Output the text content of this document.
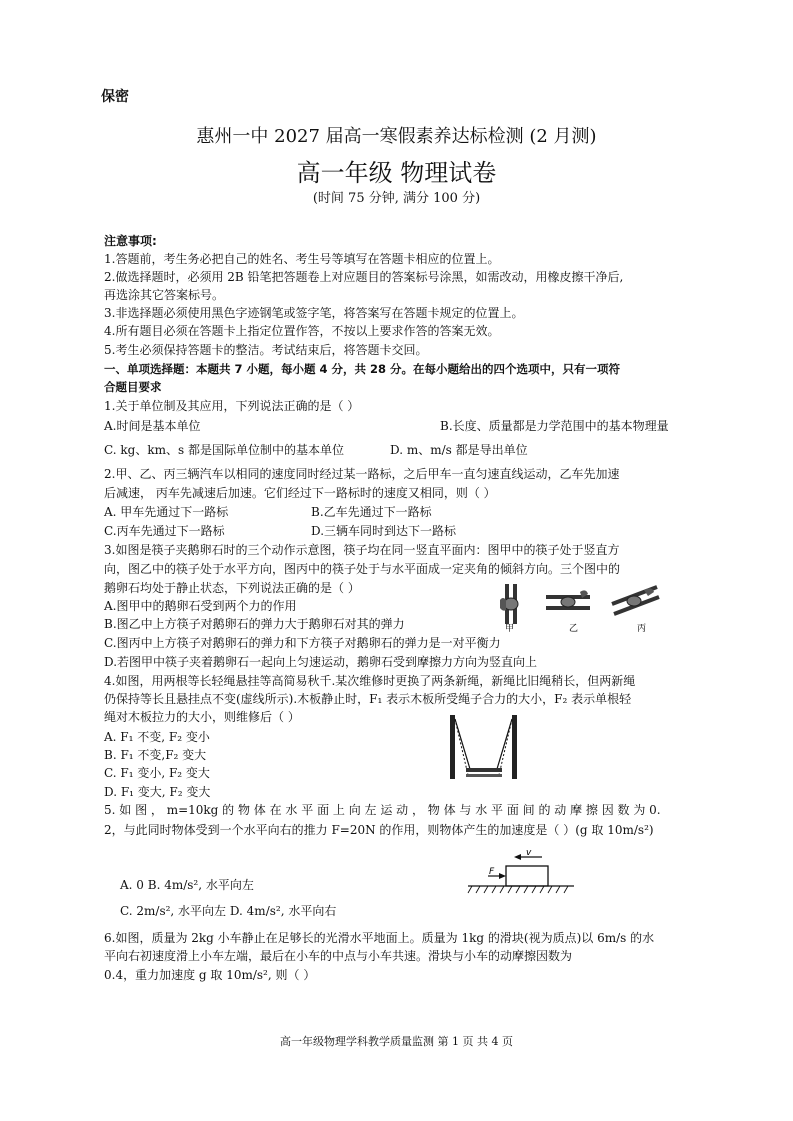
保密
惠州一中 2027 届高一寒假素养达标检测 (2 月测)
高一年级 物理试卷
(时间 75 分钟, 满分 100 分)
注意事项:
1.答题前，考生务必把自己的姓名、考生号等填写在答题卡相应的位置上。
2.做选择题时，必须用 2B 铅笔把答题卷上对应题目的答案标号涂黑，如需改动，用橡皮擦干净后,
再选涂其它答案标号。
3.非选择题必须使用黑色字迹钢笔或签字笔，将答案写在答题卡规定的位置上。
4.所有题目必须在答题卡上指定位置作答，不按以上要求作答的答案无效。
5.考生必须保持答题卡的整洁。考试结束后，将答题卡交回。
一、单项选择题：本题共 7 小题，每小题 4 分，共 28 分。在每小题给出的四个选项中，只有一项符
合题目要求
1.关于单位制及其应用，下列说法正确的是（ ）
A.时间是基本单位	B.长度、质量都是力学范围中的基本物理量
C. kg、km、s 都是国际单位制中的基本单位	D. m、m/s 都是导出单位
2.甲、乙、丙三辆汽车以相同的速度同时经过某一路标，之后甲车一直匀速直线运动，乙车先加速
后减速， 丙车先减速后加速。它们经过下一路标时的速度又相同，则（ ）
A. 甲车先通过下一路标	B.乙车先通过下一路标
C.丙车先通过下一路标	D.三辆车同时到达下一路标
3.如图是筷子夹鹅卵石时的三个动作示意图，筷子均在同一竖直平面内：图甲中的筷子处于竖直方
向，图乙中的筷子处于水平方向，图丙中的筷子处于与水平面成一定夹角的倾斜方向。三个图中的
鹅卵石均处于静止状态，下列说法正确的是（ ）
A.图甲中的鹅卵石受到两个力的作用
B.图乙中上方筷子对鹅卵石的弹力大于鹅卵石对其的弹力
C.图丙中上方筷子对鹅卵石的弹力和下方筷子对鹅卵石的弹力是一对平衡力
D.若图甲中筷子夹着鹅卵石一起向上匀速运动，鹅卵石受到摩擦力方向为竖直向上
甲	乙	丙
4.如图，用两根等长轻绳悬挂等高简易秋千.某次维修时更换了两条新绳，新绳比旧绳稍长，但两新绳
仍保持等长且悬挂点不变(虚线所示).木板静止时，F₁ 表示木板所受绳子合力的大小，F₂ 表示单根轻
绳对木板拉力的大小，则维修后（ ）
A. F₁ 不变, F₂ 变小
B. F₁ 不变,F₂ 变大
C. F₁ 变小, F₂ 变大
D. F₁ 变大, F₂ 变大
5. 如 图 ， m=10kg 的 物 体 在 水 平 面 上 向 左 运 动 ， 物 体 与 水 平 面 间 的 动 摩 擦 因 数 为 0.
2，与此同时物体受到一个水平向右的推力 F=20N 的作用，则物体产生的加速度是（ ）(g 取 10m/s²)
A. 0 B. 4m/s², 水平向左
C. 2m/s², 水平向左 D. 4m/s², 水平向右
v
F
6.如图，质量为 2kg 小车静止在足够长的光滑水平地面上。质量为 1kg 的滑块(视为质点)以 6m/s 的水
平向右初速度滑上小车左端，最后在小车的中点与小车共速。滑块与小车的动摩擦因数为
0.4，重力加速度 g 取 10m/s², 则（ ）
高一年级物理学科教学质量监测 第 1 页 共 4 页
